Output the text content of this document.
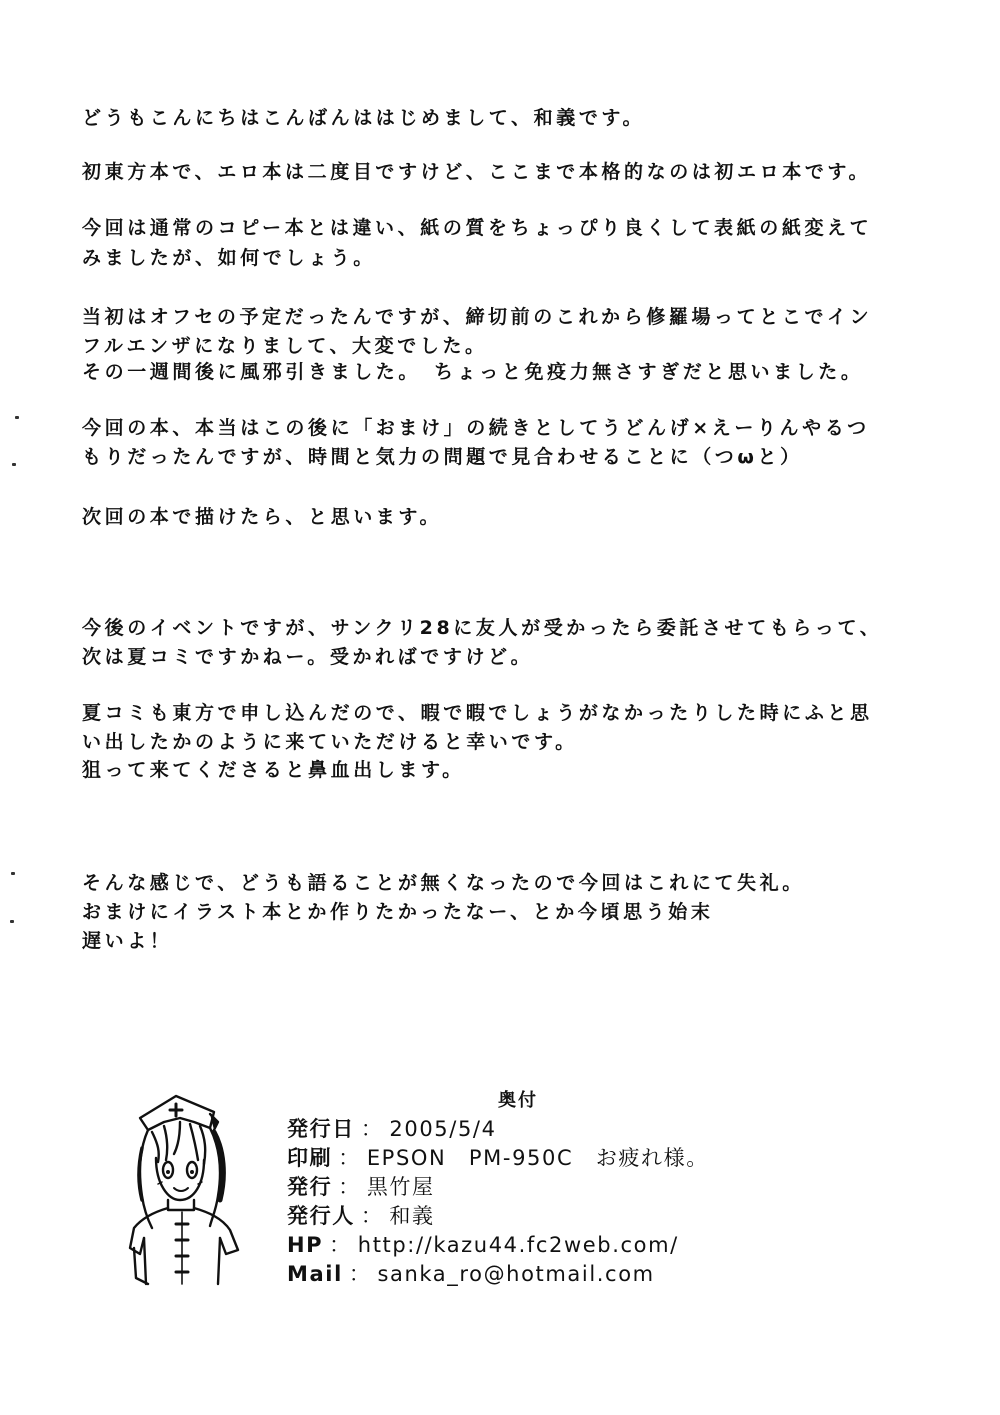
どうもこんにちはこんばんははじめまして、和義です。
初東方本で、エロ本は二度目ですけど、ここまで本格的なのは初エロ本です。
今回は通常のコピー本とは違い、紙の質をちょっぴり良くして表紙の紙変えて
みましたが、如何でしょう。
当初はオフセの予定だったんですが、締切前のこれから修羅場ってとこでイン
フルエンザになりまして、大変でした。
その一週間後に風邪引きました。　ちょっと免疫力無さすぎだと思いました。
今回の本、本当はこの後に「おまけ」の続きとしてうどんげ×えーりんやるつ
もりだったんですが、時間と気力の問題で見合わせることに（つωと）
次回の本で描けたら、と思います。
今後のイベントですが、サンクリ28に友人が受かったら委託させてもらって、
次は夏コミですかねー。受かればですけど。
夏コミも東方で申し込んだので、暇で暇でしょうがなかったりした時にふと思
い出したかのように来ていただけると幸いです。
狙って来てくださると鼻血出します。
そんな感じで、どうも語ることが無くなったので今回はこれにて失礼。
おまけにイラスト本とか作りたかったなー、とか今頃思う始末
遅いよ！
奥付
発行日 ： 2005/5/4
印刷 ： EPSON　PM-950C　お疲れ様。
発行 ： 黒竹屋
発行人 ： 和義
HP ： http://kazu44.fc2web.com/
Mail ： sanka_ro@hotmail.com
